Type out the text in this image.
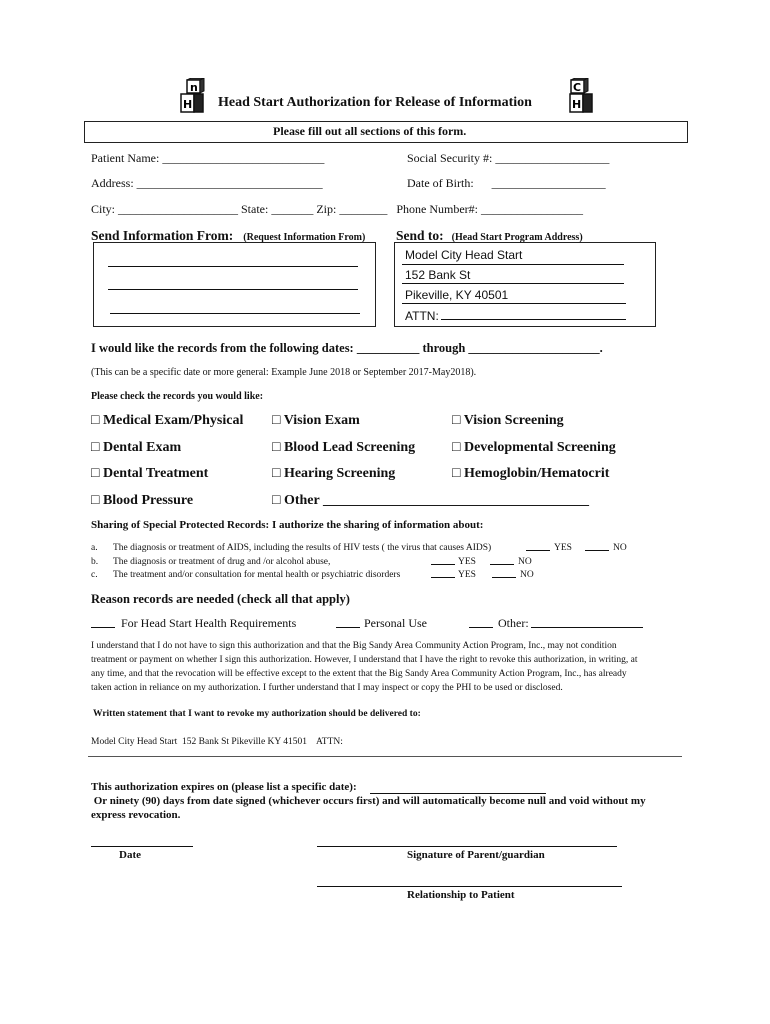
n
H
C
H
Head Start Authorization for Release of Information
Please fill out all sections of this form.
Patient Name: ___________________________	Social Security #: ___________________
Address: _______________________________	Date of Birth:      ___________________
City: ____________________ State: _______ Zip: ________   Phone Number#: _________________
Send Information From: (Request Information From) Send to: (Head Start Program Address)
Model City Head Start
152 Bank St
Pikeville, KY 40501
ATTN:
I would like the records from the following dates: __________ through _____________________.
(This can be a specific date or more general: Example June 2018 or September 2017-May2018).
Please check the records you would like:
□ Medical Exam/Physical □ Vision Exam	□ Vision Screening
□ Dental Exam	□ Blood Lead Screening	□ Developmental Screening
□ Dental Treatment	□ Hearing Screening	□ Hemoglobin/Hematocrit
□ Blood Pressure	□ Other ______________________________________
Sharing of Special Protected Records: I authorize the sharing of information about:
a. The diagnosis or treatment of AIDS, including the results of HIV tests ( the virus that causes AIDS)	YES	NO
b. The diagnosis or treatment of drug and /or alcohol abuse,	YES	NO
c. The treatment and/or consultation for mental health or psychiatric disorders	YES	NO
Reason records are needed (check all that apply)
For Head Start Health Requirements	Personal Use	Other:
I understand that I do not have to sign this authorization and that the Big Sandy Area Community Action Program, Inc., may not condition
treatment or payment on whether I sign this authorization. However, I understand that I have the right to revoke this authorization, in writing, at
any time, and that the revocation will be effective except to the extent that the Big Sandy Area Community Action Program, Inc., has already
taken action in reliance on my authorization. I further understand that I may inspect or copy the PHI to be used or disclosed.
Written statement that I want to revoke my authorization should be delivered to:
Model City Head Start  152 Bank St Pikeville KY 41501    ATTN:
This authorization expires on (please list a specific date):
Or ninety (90) days from date signed (whichever occurs first) and will automatically become null and void without my
express revocation.
Date	Signature of Parent/guardian
Relationship to Patient
